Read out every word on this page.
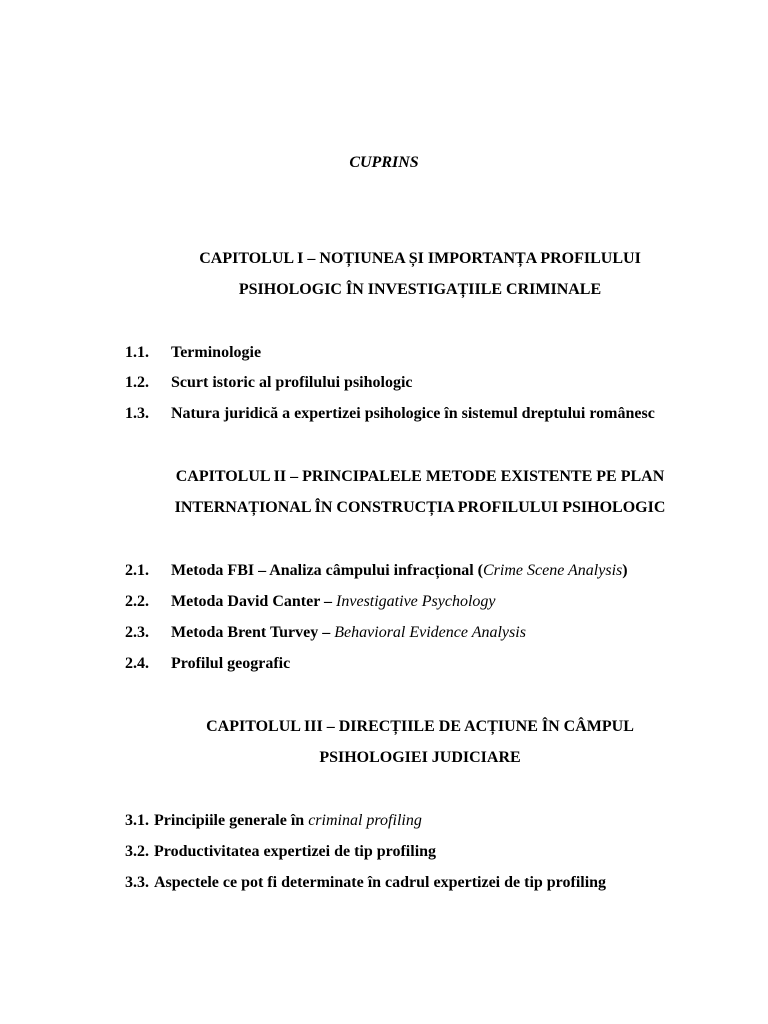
CUPRINS
CAPITOLUL I – NOȚIUNEA ȘI IMPORTANȚA PROFILULUI
PSIHOLOGIC ÎN INVESTIGAȚIILE CRIMINALE
1.1. Terminologie
1.2. Scurt istoric al profilului psihologic
1.3. Natura juridică a expertizei psihologice în sistemul dreptului românesc
CAPITOLUL II – PRINCIPALELE METODE EXISTENTE PE PLAN
INTERNAȚIONAL ÎN CONSTRUCȚIA PROFILULUI PSIHOLOGIC
2.1. Metoda FBI – Analiza câmpului infracțional (Crime Scene Analysis)
2.2. Metoda David Canter – Investigative Psychology
2.3. Metoda Brent Turvey – Behavioral Evidence Analysis
2.4. Profilul geografic
CAPITOLUL III – DIRECȚIILE DE ACȚIUNE ÎN CÂMPUL
PSIHOLOGIEI JUDICIARE
3.1. Principiile generale în criminal profiling
3.2. Productivitatea expertizei de tip profiling
3.3. Aspectele ce pot fi determinate în cadrul expertizei de tip profiling
